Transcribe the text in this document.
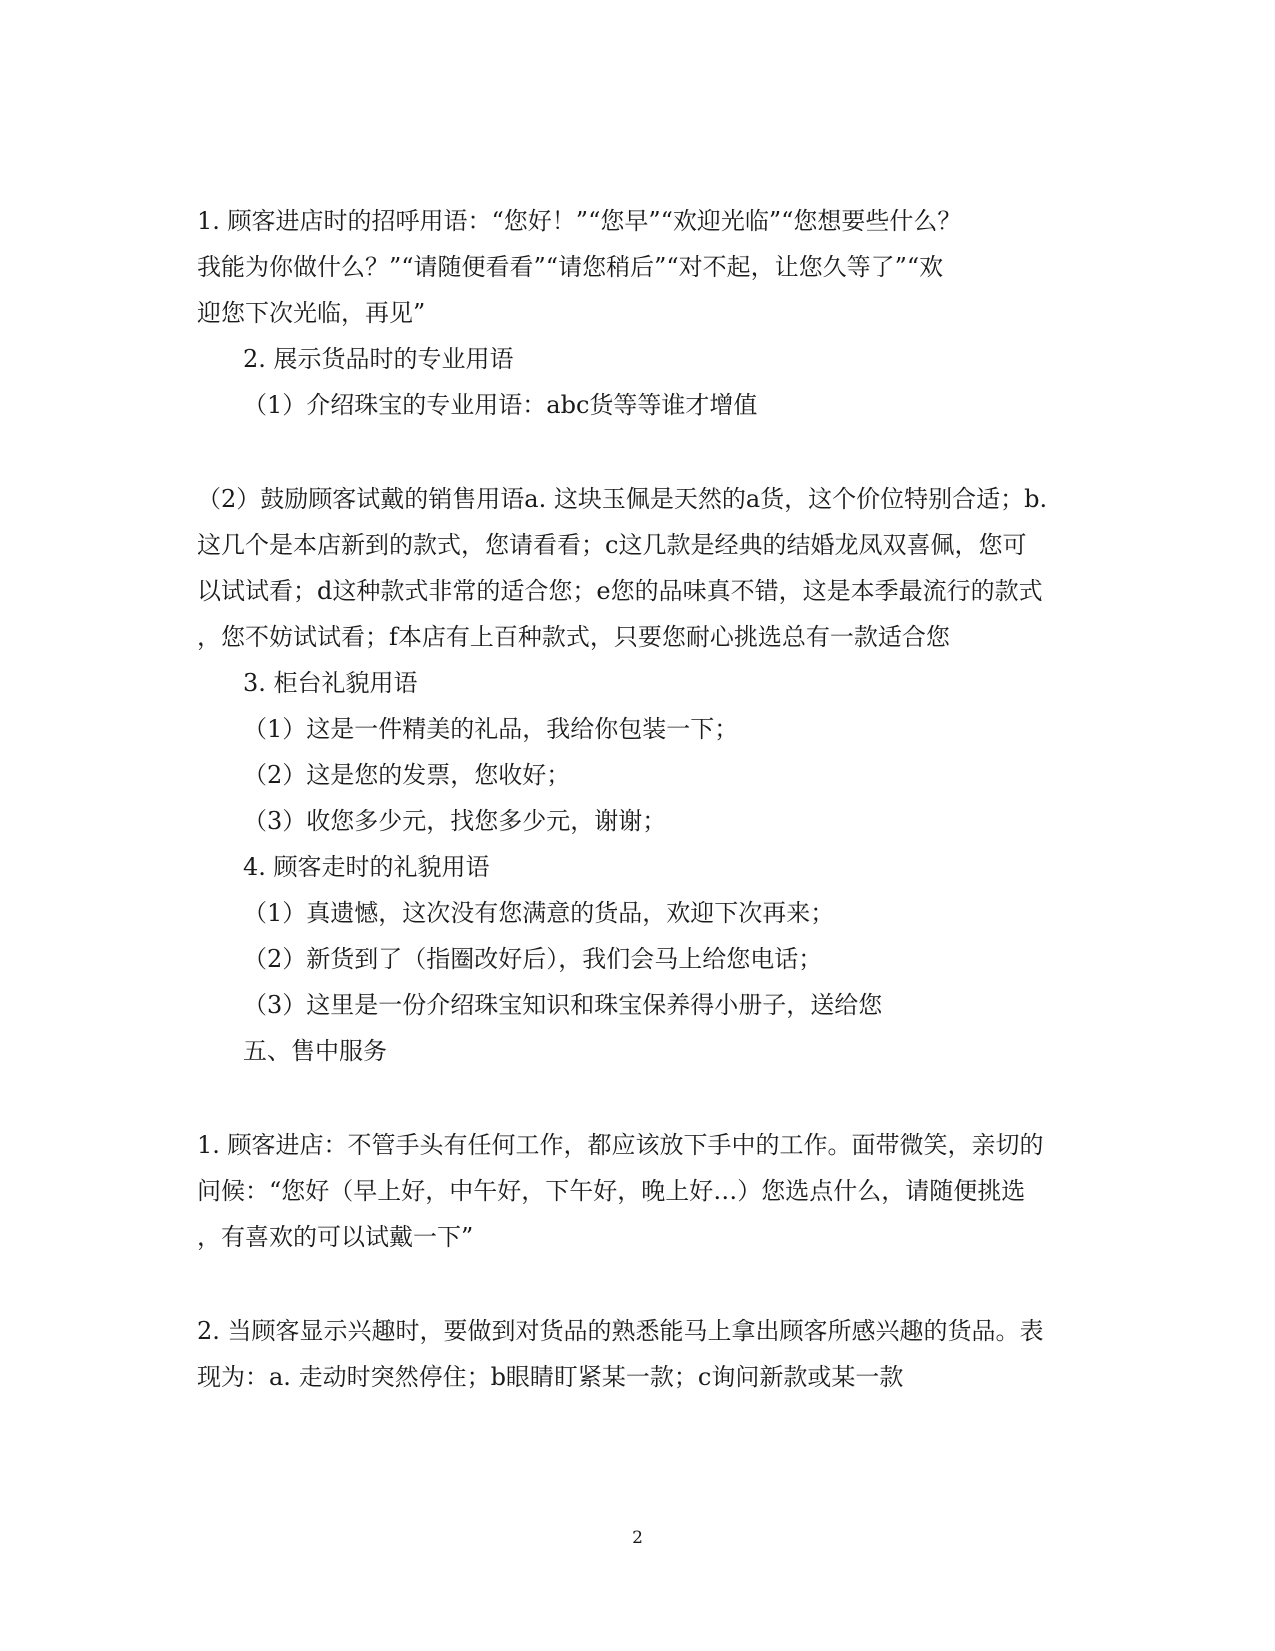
1. 顾客进店时的招呼用语：“您好！”“您早”“欢迎光临”“您想要些什么？
我能为你做什么？”“请随便看看”“请您稍后”“对不起，让您久等了”“欢
迎您下次光临，再见”
2. 展示货品时的专业用语
（1）介绍珠宝的专业用语：abc货等等谁才增值
（2）鼓励顾客试戴的销售用语a. 这块玉佩是天然的a货，这个价位特别合适；b.
这几个是本店新到的款式，您请看看；c这几款是经典的结婚龙凤双喜佩，您可
以试试看；d这种款式非常的适合您；e您的品味真不错，这是本季最流行的款式
，您不妨试试看；f本店有上百种款式，只要您耐心挑选总有一款适合您
3. 柜台礼貌用语
（1）这是一件精美的礼品，我给你包装一下；
（2）这是您的发票，您收好；
（3）收您多少元，找您多少元，谢谢；
4. 顾客走时的礼貌用语
（1）真遗憾，这次没有您满意的货品，欢迎下次再来；
（2）新货到了（指圈改好后），我们会马上给您电话；
（3）这里是一份介绍珠宝知识和珠宝保养得小册子，送给您
五、售中服务
1. 顾客进店：不管手头有任何工作，都应该放下手中的工作。面带微笑，亲切的
问候：“您好（早上好，中午好，下午好，晚上好…）您选点什么，请随便挑选
，有喜欢的可以试戴一下”
2. 当顾客显示兴趣时，要做到对货品的熟悉能马上拿出顾客所感兴趣的货品。表
现为：a. 走动时突然停住；b眼睛盯紧某一款；c询问新款或某一款
2
